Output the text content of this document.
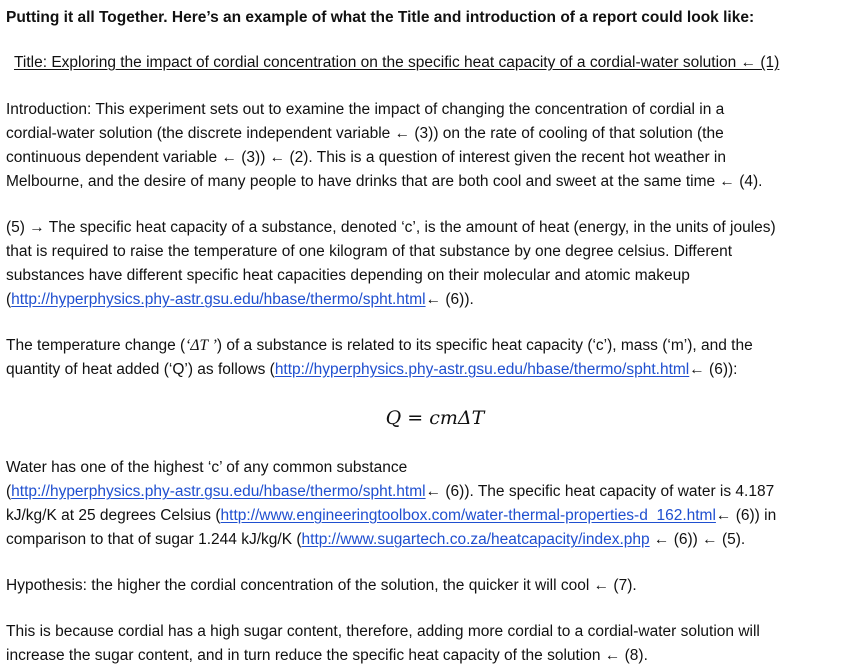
Putting it all Together. Here’s an example of what the Title and introduction of a report could look like:
Title: Exploring the impact of cordial concentration on the specific heat capacity of a cordial-water solution ← (1)
Introduction: This experiment sets out to examine the impact of changing the concentration of cordial in a
cordial-water solution (the discrete independent variable ← (3)) on the rate of cooling of that solution (the
continuous dependent variable ← (3)) ← (2). This is a question of interest given the recent hot weather in
Melbourne, and the desire of many people to have drinks that are both cool and sweet at the same time ← (4).
(5) → The specific heat capacity of a substance, denoted ‘c’, is the amount of heat (energy, in the units of joules)
that is required to raise the temperature of one kilogram of that substance by one degree celsius. Different
substances have different specific heat capacities depending on their molecular and atomic makeup
(http://hyperphysics.phy-astr.gsu.edu/hbase/thermo/spht.html← (6)).
The temperature change (‘ΔT ’) of a substance is related to its specific heat capacity (‘c’), mass (‘m’), and the
quantity of heat added (‘Q’) as follows (http://hyperphysics.phy-astr.gsu.edu/hbase/thermo/spht.html← (6)):
Q = cmΔT
Water has one of the highest ‘c’ of any common substance
(http://hyperphysics.phy-astr.gsu.edu/hbase/thermo/spht.html← (6)). The specific heat capacity of water is 4.187
kJ/kg/K at 25 degrees Celsius (http://www.engineeringtoolbox.com/water-thermal-properties-d_162.html← (6)) in
comparison to that of sugar 1.244 kJ/kg/K (http://www.sugartech.co.za/heatcapacity/index.php ← (6)) ← (5).
Hypothesis: the higher the cordial concentration of the solution, the quicker it will cool ← (7).
This is because cordial has a high sugar content, therefore, adding more cordial to a cordial-water solution will
increase the sugar content, and in turn reduce the specific heat capacity of the solution ← (8).
